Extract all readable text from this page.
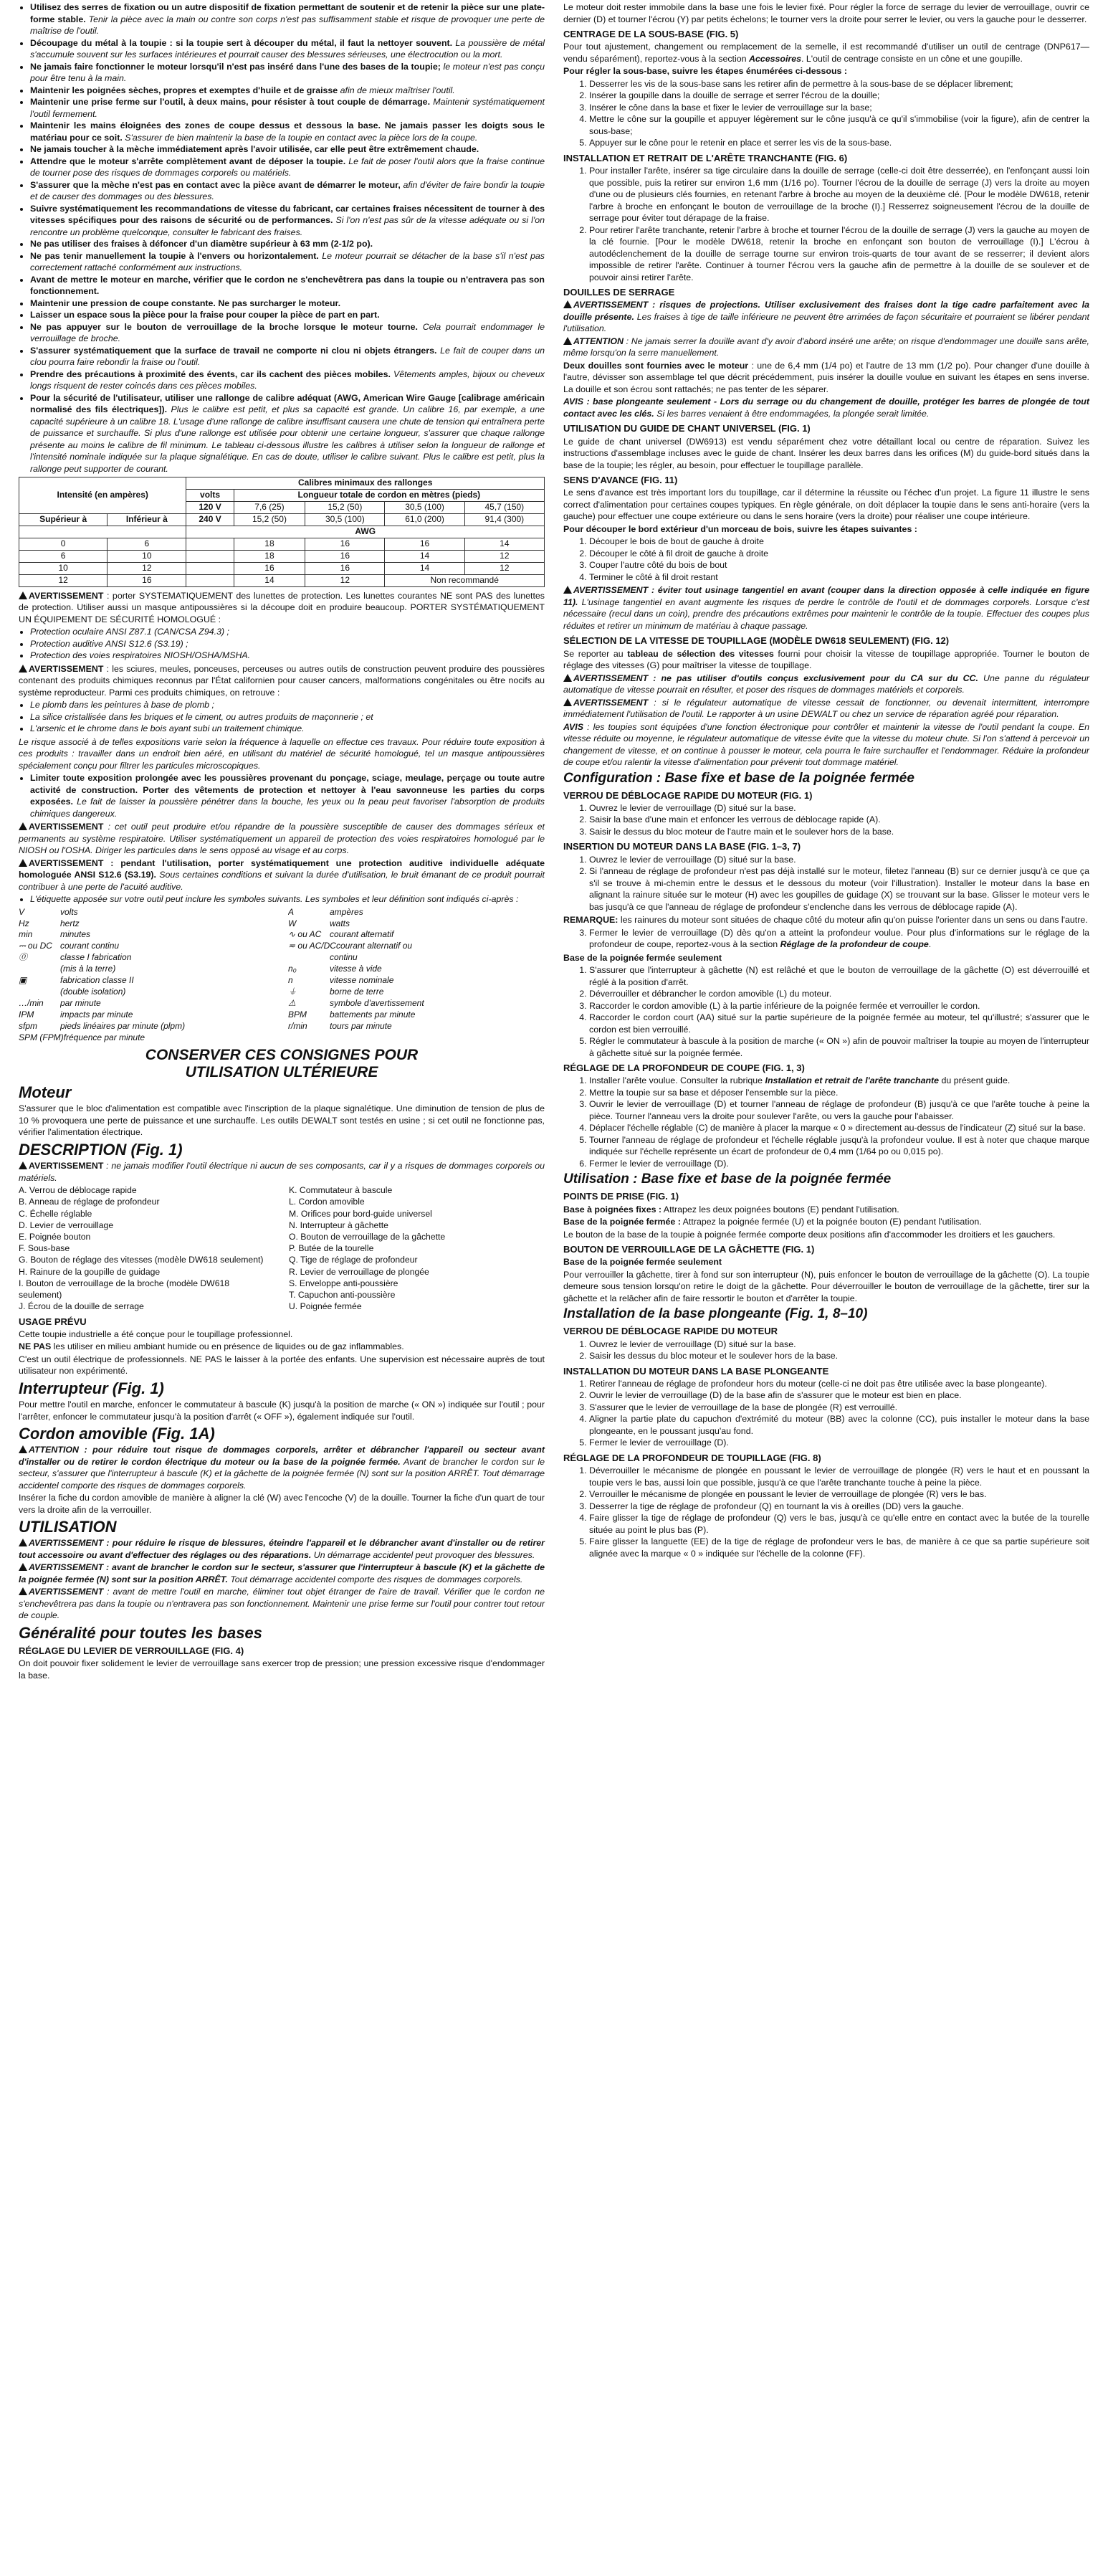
• Utilisez des serres de fixation ou un autre dispositif de fixation permettant de soutenir et de retenir la pièce sur une plate-forme stable. Tenir la pièce avec la main ou contre son corps n'est pas suffisamment stable et risque de provoquer une perte de maîtrise de l'outil.
• Découpage du métal à la toupie : si la toupie sert à découper du métal, il faut la nettoyer souvent. La poussière de métal s'accumule souvent sur les surfaces intérieures et pourrait causer des blessures sérieuses, une électrocution ou la mort.
• Ne jamais faire fonctionner le moteur lorsqu'il n'est pas inséré dans l'une des bases de la toupie; le moteur n'est pas conçu pour être tenu à la main.
• Maintenir les poignées sèches, propres et exemptes d'huile et de graisse afin de mieux maîtriser l'outil.
• Maintenir une prise ferme sur l'outil, à deux mains, pour résister à tout couple de démarrage. Maintenir systématiquement l'outil fermement.
• Maintenir les mains éloignées des zones de coupe dessus et dessous la base. Ne jamais passer les doigts sous le matériau pour ce soit. S'assurer de bien maintenir la base de la toupie en contact avec la pièce lors de la coupe.
• Ne jamais toucher à la mèche immédiatement après l'avoir utilisée, car elle peut être extrêmement chaude.
• Attendre que le moteur s'arrête complètement avant de déposer la toupie. Le fait de poser l'outil alors que la fraise continue de tourner pose des risques de dommages corporels ou matériels.
• S'assurer que la mèche n'est pas en contact avec la pièce avant de démarrer le moteur, afin d'éviter de faire bondir la toupie et de causer des dommages ou des blessures.
• Suivre systématiquement les recommandations de vitesse du fabricant, car certaines fraises nécessitent de tourner à des vitesses spécifiques pour des raisons de sécurité ou de performances. Si l'on n'est pas sûr de la vitesse adéquate ou si l'on rencontre un problème quelconque, consulter le fabricant des fraises.
• Ne pas utiliser des fraises à défoncer d'un diamètre supérieur à 63 mm (2-1/2 po).
• Ne pas tenir manuellement la toupie à l'envers ou horizontalement. Le moteur pourrait se détacher de la base s'il n'est pas correctement rattaché conformément aux instructions.
• Avant de mettre le moteur en marche, vérifier que le cordon ne s'enchevêtrera pas dans la toupie ou n'entravera pas son fonctionnement.
• Maintenir une pression de coupe constante. Ne pas surcharger le moteur.
• Laisser un espace sous la pièce pour la fraise pour couper la pièce de part en part.
• Ne pas appuyer sur le bouton de verrouillage de la broche lorsque le moteur tourne. Cela pourrait endommager le verrouillage de broche.
• S'assurer systématiquement que la surface de travail ne comporte ni clou ni objets étrangers. Le fait de couper dans un clou pourra faire rebondir la fraise ou l'outil.
• Prendre des précautions à proximité des évents, car ils cachent des pièces mobiles. Vêtements amples, bijoux ou cheveux longs risquent de rester coincés dans ces pièces mobiles.
• Pour la sécurité de l'utilisateur, utiliser une rallonge de calibre adéquat (AWG, American Wire Gauge [calibrage américain normalisé des fils électriques]). Plus le calibre est petit, et plus sa capacité est grande. Un calibre 16, par exemple, a une capacité supérieure à un calibre 18. L'usage d'une rallonge de calibre insuffisant causera une chute de tension qui entraînera perte de puissance et surchauffe. Si plus d'une rallonge est utilisée pour obtenir une certaine longueur, s'assurer que chaque rallonge présente au moins le calibre de fil minimum. Le tableau ci-dessous illustre les calibres à utiliser selon la longueur de rallonge et l'intensité nominale indiquée sur la plaque signalétique. En cas de doute, utiliser le calibre suivant. Plus le calibre est petit, plus la rallonge peut supporter de courant.
Intensité (en ampères)		Calibres minimaux des rallonges				
		volts	Longueur totale de cordon en mètres (pieds)			
		120 V	7,6 (25)	15,2 (50)	30,5 (100)	45,7 (150)
Supérieur à	Inférieur à	240 V	15,2 (50)	30,5 (100)	61,0 (200)	91,4 (300)
		AWG				
0	6		18	16	16	14
6	10		18	16	14	12
10	12		16	16	14	12
12	16		14	12	Non recommandé	

AVERTISSEMENT : porter SYSTEMATIQUEMENT des lunettes de protection. Les lunettes courantes NE sont PAS des lunettes de protection. Utiliser aussi un masque antipoussières si la découpe doit en produire beaucoup. PORTER SYSTÉMATIQUEMENT UN ÉQUIPEMENT DE SÉCURITÉ HOMOLOGUÉ :

• Protection oculaire ANSI Z87.1 (CAN/CSA Z94.3) ;
• Protection auditive ANSI S12.6 (S3.19) ;
• Protection des voies respiratoires NIOSH/OSHA/MSHA.

AVERTISSEMENT : les sciures, meules, ponceuses, perceuses ou autres outils de construction peuvent produire des poussières contenant des produits chimiques reconnus par l'État californien pour causer cancers, malformations congénitales ou être nocifs au système reproducteur. Parmi ces produits chimiques, on retrouve :

• Le plomb dans les peintures à base de plomb ;
• La silice cristallisée dans les briques et le ciment, ou autres produits de maçonnerie ; et
• L'arsenic et le chrome dans le bois ayant subi un traitement chimique.

Le risque associé à de telles expositions varie selon la fréquence à laquelle on effectue ces travaux. Pour réduire toute exposition à ces produits : travailler dans un endroit bien aéré, en utilisant du matériel de sécurité homologué, tel un masque antipoussières spécialement conçu pour filtrer les particules microscopiques.

• Limiter toute exposition prolongée avec les poussières provenant du ponçage, sciage, meulage, perçage ou toute autre activité de construction. Porter des vêtements de protection et nettoyer à l'eau savonneuse les parties du corps exposées. Le fait de laisser la poussière pénétrer dans la bouche, les yeux ou la peau peut favoriser l'absorption de produits chimiques dangereux.

AVERTISSEMENT : cet outil peut produire et/ou répandre de la poussière susceptible de causer des dommages sérieux et permanents au système respiratoire. Utiliser systématiquement un appareil de protection des voies respiratoires homologué par le NIOSH ou l'OSHA. Diriger les particules dans le sens opposé au visage et au corps.

AVERTISSEMENT : pendant l'utilisation, porter systématiquement une protection auditive individuelle adéquate homologuée ANSI S12.6 (S3.19). Sous certaines conditions et suivant la durée d'utilisation, le bruit émanant de ce produit pourrait contribuer à une perte de l'acuité auditive.

• L'étiquette apposée sur votre outil peut inclure les symboles suivants. Les symboles et leur définition sont indiqués ci-après :
V	volts
Hz	hertz
min	minutes
⎓ ou DC courant continu
⓪	classe I fabrication
(mis à la terre)
▣	fabrication classe II
(double isolation)
…/min	par minute
IPM	impacts par minute
sfpm	pieds linéaires par minute (plpm)
SPM (FPM) fréquence par minute
A	ampères
W	watts
∿ ou AC courant alternatif
≂ ou AC/DC courant alternatif ou
continu
n₀	vitesse à vide
n	vitesse nominale
⏚	borne de terre
⚠	symbole d'avertissement
BPM	battements par minute
r/min	tours par minute
CONSERVER CES CONSIGNES POUR
UTILISATION ULTÉRIEURE
Moteur

S'assurer que le bloc d'alimentation est compatible avec l'inscription de la plaque signalétique. Une diminution de tension de plus de 10 % provoquera une perte de puissance et une surchauffe. Les outils DEWALT sont testés en usine ; si cet outil ne fonctionne pas, vérifier l'alimentation électrique.

DESCRIPTION (Fig. 1)

AVERTISSEMENT : ne jamais modifier l'outil électrique ni aucun de ses composants, car il y a risques de dommages corporels ou matériels.

A. Verrou de déblocage rapide
B. Anneau de réglage de profondeur
C. Échelle réglable
D. Levier de verrouillage
E. Poignée bouton
F. Sous-base
G. Bouton de réglage des vitesses (modèle DW618 seulement)
H. Rainure de la goupille de guidage
I. Bouton de verrouillage de la broche (modèle DW618 seulement)
J. Écrou de la douille de serrage
K. Commutateur à bascule
L. Cordon amovible
M. Orifices pour bord-guide universel
N. Interrupteur à gâchette
O. Bouton de verrouillage de la gâchette
P. Butée de la tourelle
Q. Tige de réglage de profondeur
R. Levier de verrouillage de plongée
S. Enveloppe anti-poussière
T. Capuchon anti-poussière
U. Poignée fermée
USAGE PRÉVU

Cette toupie industrielle a été conçue pour le toupillage professionnel.

NE PAS les utiliser en milieu ambiant humide ou en présence de liquides ou de gaz inflammables.

C'est un outil électrique de professionnels. NE PAS le laisser à la portée des enfants. Une supervision est nécessaire auprès de tout utilisateur non expérimenté.

Interrupteur (Fig. 1)

Pour mettre l'outil en marche, enfoncer le commutateur à bascule (K) jusqu'à la position de marche (« ON ») indiquée sur l'outil ; pour l'arrêter, enfoncer le commutateur jusqu'à la position d'arrêt (« OFF »), également indiquée sur l'outil.

Cordon amovible (Fig. 1A)

ATTENTION : pour réduire tout risque de dommages corporels, arrêter et débrancher l'appareil ou secteur avant d'installer ou de retirer le cordon électrique du moteur ou la base de la poignée fermée. Avant de brancher le cordon sur le secteur, s'assurer que l'interrupteur à bascule (K) et la gâchette de la poignée fermée (N) sont sur la position ARRÊT. Tout démarrage accidentel comporte des risques de dommages corporels.

Insérer la fiche du cordon amovible de manière à aligner la clé (W) avec l'encoche (V) de la douille. Tourner la fiche d'un quart de tour vers la droite afin de la verrouiller.

UTILISATION

AVERTISSEMENT : pour réduire le risque de blessures, éteindre l'appareil et le débrancher avant d'installer ou de retirer tout accessoire ou avant d'effectuer des réglages ou des réparations. Un démarrage accidentel peut provoquer des blessures.

AVERTISSEMENT : avant de brancher le cordon sur le secteur, s'assurer que l'interrupteur à bascule (K) et la gâchette de la poignée fermée (N) sont sur la position ARRÊT. Tout démarrage accidentel comporte des risques de dommages corporels.

AVERTISSEMENT : avant de mettre l'outil en marche, éliminer tout objet étranger de l'aire de travail. Vérifier que le cordon ne s'enchevêtrera pas dans la toupie ou n'entravera pas son fonctionnement. Maintenir une prise ferme sur l'outil pour contrer tout retour de couple.

Généralité pour toutes les bases
RÉGLAGE DU LEVIER DE VERROUILLAGE (FIG. 4)

On doit pouvoir fixer solidement le levier de verrouillage sans exercer trop de pression; une pression excessive risque d'endommager la base.

Le moteur doit rester immobile dans la base une fois le levier fixé. Pour régler la force de serrage du levier de verrouillage, ouvrir ce dernier (D) et tourner l'écrou (Y) par petits échelons; le tourner vers la droite pour serrer le levier, ou vers la gauche pour le desserrer.

CENTRAGE DE LA SOUS-BASE (FIG. 5)

Pour tout ajustement, changement ou remplacement de la semelle, il est recommandé d'utiliser un outil de centrage (DNP617—vendu séparément), reportez-vous à la section Accessoires. L'outil de centrage consiste en un cône et une goupille.

Pour régler la sous-base, suivre les étapes énumérées ci-dessous :

1. Desserrer les vis de la sous-base sans les retirer afin de permettre à la sous-base de se déplacer librement;
2. Insérer la goupille dans la douille de serrage et serrer l'écrou de la douille;
3. Insérer le cône dans la base et fixer le levier de verrouillage sur la base;
4. Mettre le cône sur la goupille et appuyer légèrement sur le cône jusqu'à ce qu'il s'immobilise (voir la figure), afin de centrer la sous-base;
5. Appuyer sur le cône pour le retenir en place et serrer les vis de la sous-base.
INSTALLATION ET RETRAIT DE L'ARÊTE TRANCHANTE (FIG. 6)
1. Pour installer l'arête, insérer sa tige circulaire dans la douille de serrage (celle-ci doit être desserrée), en l'enfonçant aussi loin que possible, puis la retirer sur environ 1,6 mm (1/16 po). Tourner l'écrou de la douille de serrage (J) vers la droite au moyen d'une ou de plusieurs clés fournies, en retenant l'arbre à broche au moyen de la deuxième clé. [Pour le modèle DW618, retenir l'arbre à broche en enfonçant le bouton de verrouillage de la broche (I).] Resserrez soigneusement l'écrou de la douille de serrage pour éviter tout dérapage de la fraise.
2. Pour retirer l'arête tranchante, retenir l'arbre à broche et tourner l'écrou de la douille de serrage (J) vers la gauche au moyen de la clé fournie. [Pour le modèle DW618, retenir la broche en enfonçant son bouton de verrouillage (I).] L'écrou à autodéclenchement de la douille de serrage tourne sur environ trois-quarts de tour avant de se resserrer; il devient alors impossible de retirer l'arête. Continuer à tourner l'écrou vers la gauche afin de permettre à la douille de se soulever et de pouvoir ainsi retirer l'arête.
DOUILLES DE SERRAGE

AVERTISSEMENT : risques de projections. Utiliser exclusivement des fraises dont la tige cadre parfaitement avec la douille présente. Les fraises à tige de taille inférieure ne peuvent être arrimées de façon sécuritaire et pourraient se libérer pendant l'utilisation.

ATTENTION : Ne jamais serrer la douille avant d'y avoir d'abord inséré une arête; on risque d'endommager une douille sans arête, même lorsqu'on la serre manuellement.

Deux douilles sont fournies avec le moteur : une de 6,4 mm (1/4 po) et l'autre de 13 mm (1/2 po). Pour changer d'une douille à l'autre, dévisser son assemblage tel que décrit précédemment, puis insérer la douille voulue en suivant les étapes en sens inverse. La douille et son écrou sont rattachés; ne pas tenter de les séparer.

AVIS : base plongeante seulement - Lors du serrage ou du changement de douille, protéger les barres de plongée de tout contact avec les clés. Si les barres venaient à être endommagées, la plongée serait limitée.

UTILISATION DU GUIDE DE CHANT UNIVERSEL (FIG. 1)

Le guide de chant universel (DW6913) est vendu séparément chez votre détaillant local ou centre de réparation. Suivez les instructions d'assemblage incluses avec le guide de chant. Insérer les deux barres dans les orifices (M) du guide-bord situés dans la base de la toupie; les régler, au besoin, pour effectuer le toupillage parallèle.

SENS D'AVANCE (FIG. 11)

Le sens d'avance est très important lors du toupillage, car il détermine la réussite ou l'échec d'un projet. La figure 11 illustre le sens correct d'alimentation pour certaines coupes typiques. En règle générale, on doit déplacer la toupie dans le sens anti-horaire (vers la gauche) pour effectuer une coupe extérieure ou dans le sens horaire (vers la droite) pour réaliser une coupe intérieure.

Pour découper le bord extérieur d'un morceau de bois, suivre les étapes suivantes :

1. Découper le bois de bout de gauche à droite
2. Découper le côté à fil droit de gauche à droite
3. Couper l'autre côté du bois de bout
4. Terminer le côté à fil droit restant

AVERTISSEMENT : éviter tout usinage tangentiel en avant (couper dans la direction opposée à celle indiquée en figure 11). L'usinage tangentiel en avant augmente les risques de perdre le contrôle de l'outil et de dommages corporels. Lorsque c'est nécessaire (recul dans un coin), prendre des précautions extrêmes pour maintenir le contrôle de la toupie. Effectuer des coupes plus réduites et retirer un minimum de matériau à chaque passage.

SÉLECTION DE LA VITESSE DE TOUPILLAGE (MODÈLE DW618 SEULEMENT) (FIG. 12)

Se reporter au tableau de sélection des vitesses fourni pour choisir la vitesse de toupillage appropriée. Tourner le bouton de réglage des vitesses (G) pour maîtriser la vitesse de toupillage.

AVERTISSEMENT : ne pas utiliser d'outils conçus exclusivement pour du CA sur du CC. Une panne du régulateur automatique de vitesse pourrait en résulter, et poser des risques de dommages matériels et corporels.

AVERTISSEMENT : si le régulateur automatique de vitesse cessait de fonctionner, ou devenait intermittent, interrompre immédiatement l'utilisation de l'outil. Le rapporter à un usine DEWALT ou chez un service de réparation agréé pour réparation.

AVIS : les toupies sont équipées d'une fonction électronique pour contrôler et maintenir la vitesse de l'outil pendant la coupe. En vitesse réduite ou moyenne, le régulateur automatique de vitesse évite que la vitesse du moteur chute. Si l'on s'attend à percevoir un changement de vitesse, et on continue à pousser le moteur, cela pourra le faire surchauffer et l'endommager. Réduire la profondeur de coupe et/ou ralentir la vitesse d'alimentation pour prévenir tout dommage matériel.

Configuration : Base fixe et base de la poignée fermée
VERROU DE DÉBLOCAGE RAPIDE DU MOTEUR (FIG. 1)
1. Ouvrez le levier de verrouillage (D) situé sur la base.
2. Saisir la base d'une main et enfoncer les verrous de déblocage rapide (A).
3. Saisir le dessus du bloc moteur de l'autre main et le soulever hors de la base.
INSERTION DU MOTEUR DANS LA BASE (FIG. 1–3, 7)
1. Ouvrez le levier de verrouillage (D) situé sur la base.
2. Si l'anneau de réglage de profondeur n'est pas déjà installé sur le moteur, filetez l'anneau (B) sur ce dernier jusqu'à ce que ça s'il se trouve à mi-chemin entre le dessus et le dessous du moteur (voir l'illustration). Installer le moteur dans la base en alignant la rainure située sur le moteur (H) avec les goupilles de guidage (X) se trouvant sur la base. Glisser le moteur vers le bas jusqu'à ce que l'anneau de réglage de profondeur s'enclenche dans les verrous de déblocage rapide (A).

REMARQUE: les rainures du moteur sont situées de chaque côté du moteur afin qu'on puisse l'orienter dans un sens ou dans l'autre.

3. Fermer le levier de verrouillage (D) dès qu'on a atteint la profondeur voulue. Pour plus d'informations sur le réglage de la profondeur de coupe, reportez-vous à la section Réglage de la profondeur de coupe.

Base de la poignée fermée seulement

1. S'assurer que l'interrupteur à gâchette (N) est relâché et que le bouton de verrouillage de la gâchette (O) est déverrouillé et réglé à la position d'arrêt.
2. Déverrouiller et débrancher le cordon amovible (L) du moteur.
3. Raccorder le cordon amovible (L) à la partie inférieure de la poignée fermée et verrouiller le cordon.
4. Raccorder le cordon court (AA) situé sur la partie supérieure de la poignée fermée au moteur, tel qu'illustré; s'assurer que le cordon est bien verrouillé.
5. Régler le commutateur à bascule à la position de marche (« ON ») afin de pouvoir maîtriser la toupie au moyen de l'interrupteur à gâchette situé sur la poignée fermée.
RÉGLAGE DE LA PROFONDEUR DE COUPE (FIG. 1, 3)
1. Installer l'arête voulue. Consulter la rubrique Installation et retrait de l'arête tranchante du présent guide.
2. Mettre la toupie sur sa base et déposer l'ensemble sur la pièce.
3. Ouvrir le levier de verrouillage (D) et tourner l'anneau de réglage de profondeur (B) jusqu'à ce que l'arête touche à peine la pièce. Tourner l'anneau vers la droite pour soulever l'arête, ou vers la gauche pour l'abaisser.
4. Déplacer l'échelle réglable (C) de manière à placer la marque « 0 » directement au-dessus de l'indicateur (Z) situé sur la base.
5. Tourner l'anneau de réglage de profondeur et l'échelle réglable jusqu'à la profondeur voulue. Il est à noter que chaque marque indiquée sur l'échelle représente un écart de profondeur de 0,4 mm (1/64 po ou 0,015 po).
6. Fermer le levier de verrouillage (D).
Utilisation : Base fixe et base de la poignée fermée
POINTS DE PRISE (FIG. 1)

Base à poignées fixes : Attrapez les deux poignées boutons (E) pendant l'utilisation.

Base de la poignée fermée : Attrapez la poignée fermée (U) et la poignée bouton (E) pendant l'utilisation.

Le bouton de la base de la toupie à poignée fermée comporte deux positions afin d'accommoder les droitiers et les gauchers.

BOUTON DE VERROUILLAGE DE LA GÂCHETTE (FIG. 1)

Base de la poignée fermée seulement

Pour verrouiller la gâchette, tirer à fond sur son interrupteur (N), puis enfoncer le bouton de verrouillage de la gâchette (O). La toupie demeure sous tension lorsqu'on retire le doigt de la gâchette. Pour déverrouiller le bouton de verrouillage de la gâchette, tirer sur la gâchette et la relâcher afin de faire ressortir le bouton et d'arrêter la toupie.

Installation de la base plongeante (Fig. 1, 8–10)
VERROU DE DÉBLOCAGE RAPIDE DU MOTEUR
1. Ouvrez le levier de verrouillage (D) situé sur la base.
2. Saisir les dessus du bloc moteur et le soulever hors de la base.
INSTALLATION DU MOTEUR DANS LA BASE PLONGEANTE
1. Retirer l'anneau de réglage de profondeur hors du moteur (celle-ci ne doit pas être utilisée avec la base plongeante).
2. Ouvrir le levier de verrouillage (D) de la base afin de s'assurer que le moteur est bien en place.
3. S'assurer que le levier de verrouillage de la base de plongée (R) est verrouillé.
4. Aligner la partie plate du capuchon d'extrémité du moteur (BB) avec la colonne (CC), puis installer le moteur dans la base plongeante, en le poussant jusqu'au fond.
5. Fermer le levier de verrouillage (D).
RÉGLAGE DE LA PROFONDEUR DE TOUPILLAGE (FIG. 8)
1. Déverrouiller le mécanisme de plongée en poussant le levier de verrouillage de plongée (R) vers le haut et en poussant la toupie vers le bas, aussi loin que possible, jusqu'à ce que l'arête tranchante touche à peine la pièce.
2. Verrouiller le mécanisme de plongée en poussant le levier de verrouillage de plongée (R) vers le bas.
3. Desserrer la tige de réglage de profondeur (Q) en tournant la vis à oreilles (DD) vers la gauche.
4. Faire glisser la tige de réglage de profondeur (Q) vers le bas, jusqu'à ce qu'elle entre en contact avec la butée de la tourelle située au point le plus bas (P).
5. Faire glisser la languette (EE) de la tige de réglage de profondeur vers le bas, de manière à ce que sa partie supérieure soit alignée avec la marque « 0 » indiquée sur l'échelle de la colonne (FF).
